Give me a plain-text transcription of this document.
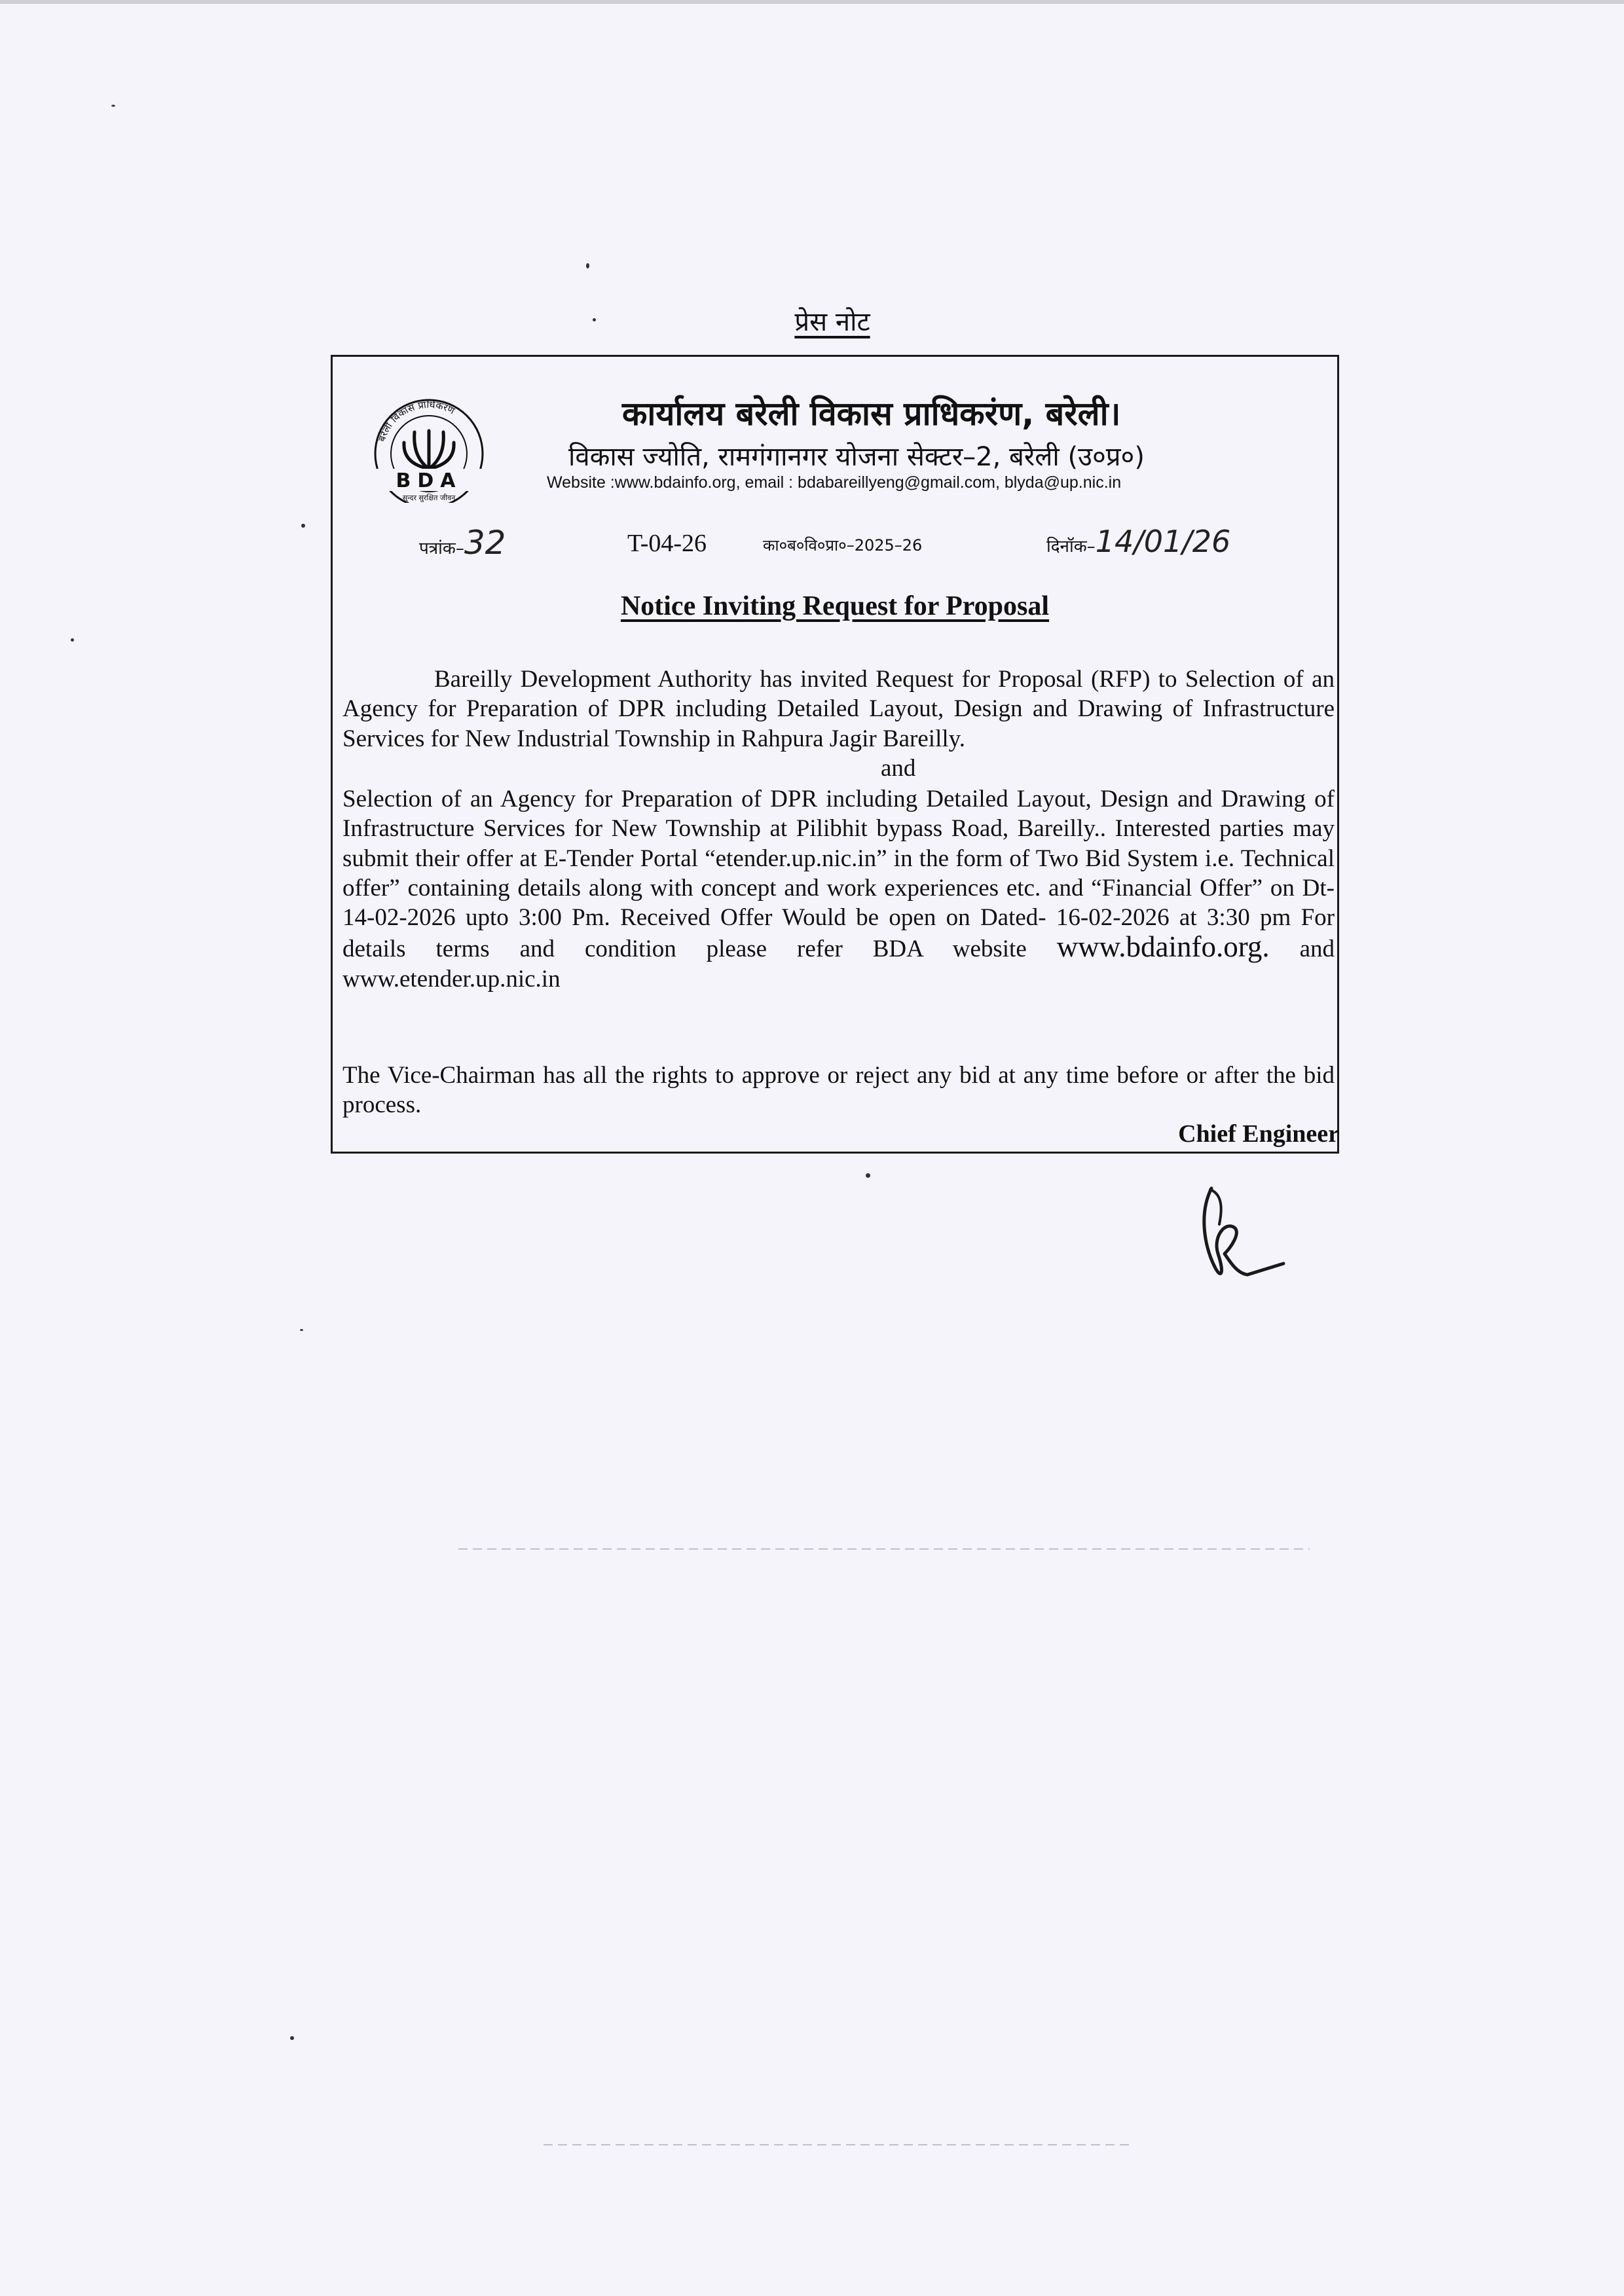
प्रेस नोट
बरेली विकास प्राधिकरण
BDA
सुन्दर सुरक्षित जीवन
कार्यालय बरेली विकास प्राधिकरंण, बरेली।
विकास ज्योति, रामगंगानगर योजना सेक्टर–2, बरेली (उ०प्र०)
Website :www.bdainfo.org, email : bdabareillyeng@gmail.com, blyda@up.nic.in
पत्रांक–32	T-04-26	का०ब०वि०प्रा०–2025–26	दिनॉक–14/01/26
Notice Inviting Request for Proposal

Bareilly Development Authority has invited Request for Proposal (RFP) to Selection of an Agency for Preparation of DPR including Detailed Layout, Design and Drawing of Infrastructure Services for New Industrial Township in Rahpura Jagir Bareilly.

and

Selection of an Agency for Preparation of DPR including Detailed Layout, Design and Drawing of Infrastructure Services for New Township at Pilibhit bypass Road, Bareilly.. Interested parties may submit their offer at E-Tender Portal “etender.up.nic.in” in the form of Two Bid System i.e. Technical offer” containing details along with concept and work experiences etc. and “Financial Offer” on Dt- 14-02-2026 upto 3:00 Pm. Received Offer Would be open on Dated- 16-02-2026 at 3:30 pm For details terms and condition please refer BDA website www.bdainfo.org. and www.etender.up.nic.in

The Vice-Chairman has all the rights to approve or reject any bid at any time before or after the bid process.

Chief Engineer
